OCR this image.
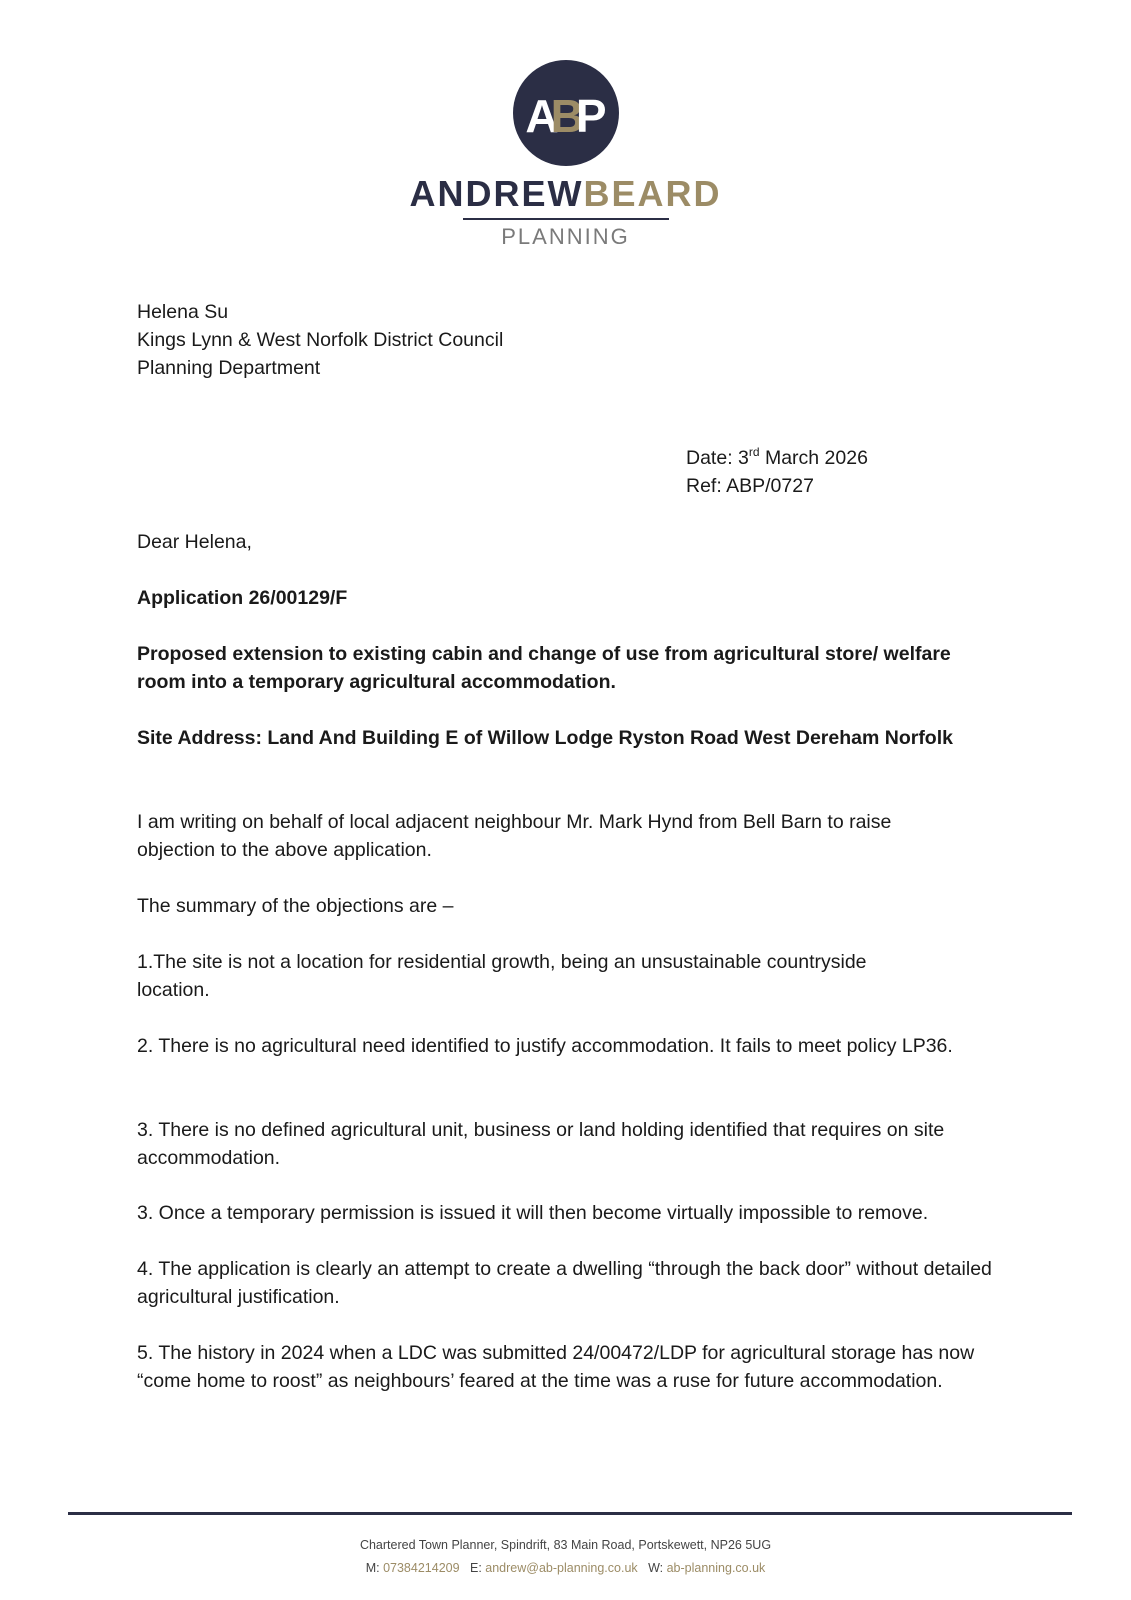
ABP
ANDREWBEARD
PLANNING
Helena Su
Kings Lynn & West Norfolk District Council
Planning Department
Date: 3rd March 2026
Ref: ABP/0727
Dear Helena,
Application 26/00129/F
Proposed extension to existing cabin and change of use from agricultural store/ welfare room into a temporary agricultural accommodation.
Site Address: Land And Building E of Willow Lodge Ryston Road West Dereham Norfolk
I am writing on behalf of local adjacent neighbour Mr. Mark Hynd from Bell Barn to raise objection to the above application.
The summary of the objections are –
1.The site is not a location for residential growth, being an unsustainable countryside location.
2. There is no agricultural need identified to justify accommodation. It fails to meet policy LP36.
3. There is no defined agricultural unit, business or land holding identified that requires on site accommodation.
3. Once a temporary permission is issued it will then become virtually impossible to remove.
4. The application is clearly an attempt to create a dwelling “through the back door” without detailed agricultural justification.
5. The history in 2024 when a LDC was submitted 24/00472/LDP for agricultural storage has now “come home to roost” as neighbours’ feared at the time was a ruse for future accommodation.
Chartered Town Planner, Spindrift, 83 Main Road, Portskewett, NP26 5UG
M: 07384214209 E: andrew@ab-planning.co.uk W: ab-planning.co.uk
